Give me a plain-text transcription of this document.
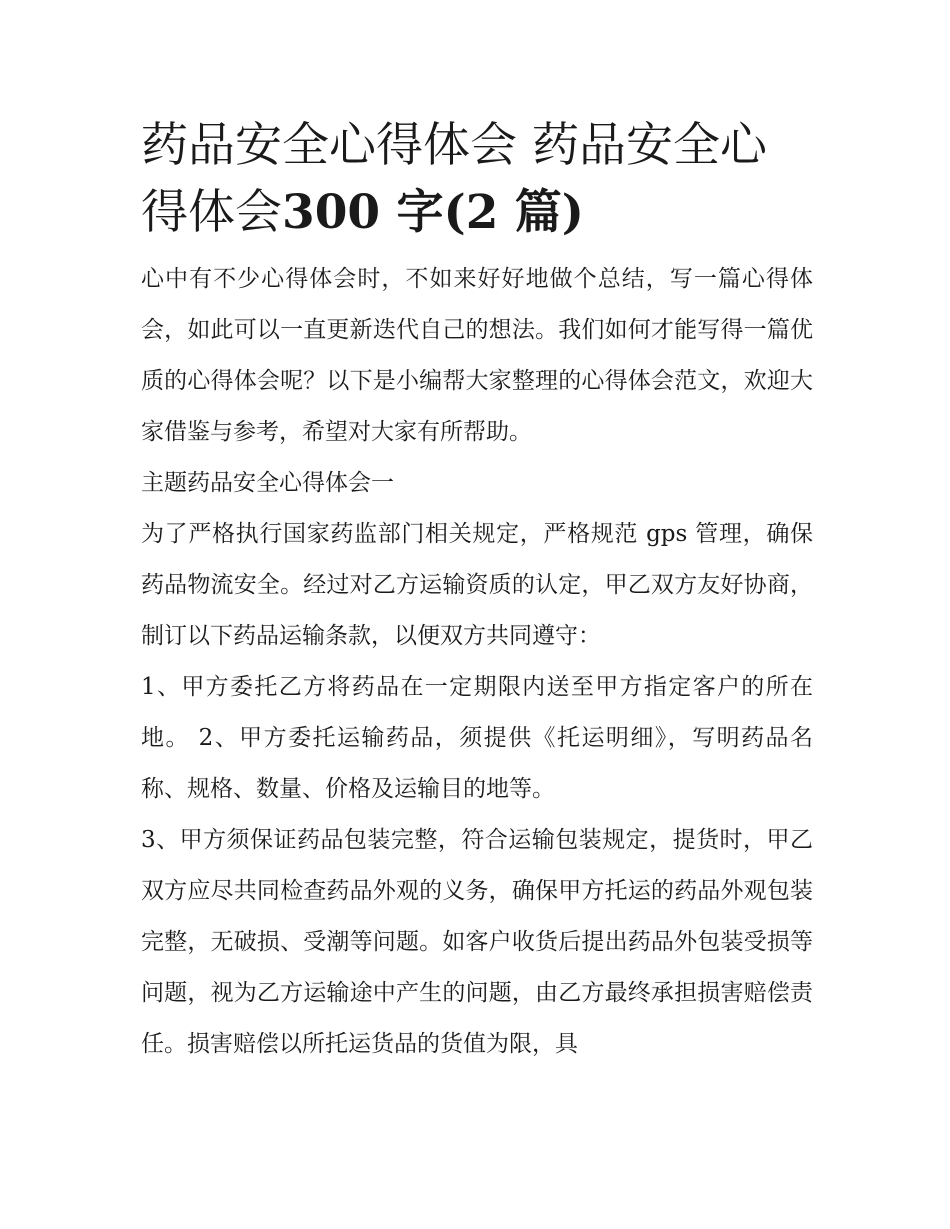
药品安全心得体会 药品安全心得体会300 字(2 篇)

心中有不少心得体会时，不如来好好地做个总结，写一篇心得体会，如此可以一直更新迭代自己的想法。我们如何才能写得一篇优质的心得体会呢？以下是小编帮大家整理的心得体会范文，欢迎大家借鉴与参考，希望对大家有所帮助。

主题药品安全心得体会一

为了严格执行国家药监部门相关规定，严格规范 gps 管理，确保药品物流安全。经过对乙方运输资质的认定，甲乙双方友好协商，制订以下药品运输条款，以便双方共同遵守：

1、甲方委托乙方将药品在一定期限内送至甲方指定客户的所在地。 2、甲方委托运输药品，须提供《托运明细》，写明药品名称、规格、数量、价格及运输目的地等。

3、甲方须保证药品包装完整，符合运输包装规定，提货时，甲乙双方应尽共同检查药品外观的义务，确保甲方托运的药品外观包装完整，无破损、受潮等问题。如客户收货后提出药品外包装受损等问题，视为乙方运输途中产生的问题，由乙方最终承担损害赔偿责任。损害赔偿以所托运货品的货值为限，具
